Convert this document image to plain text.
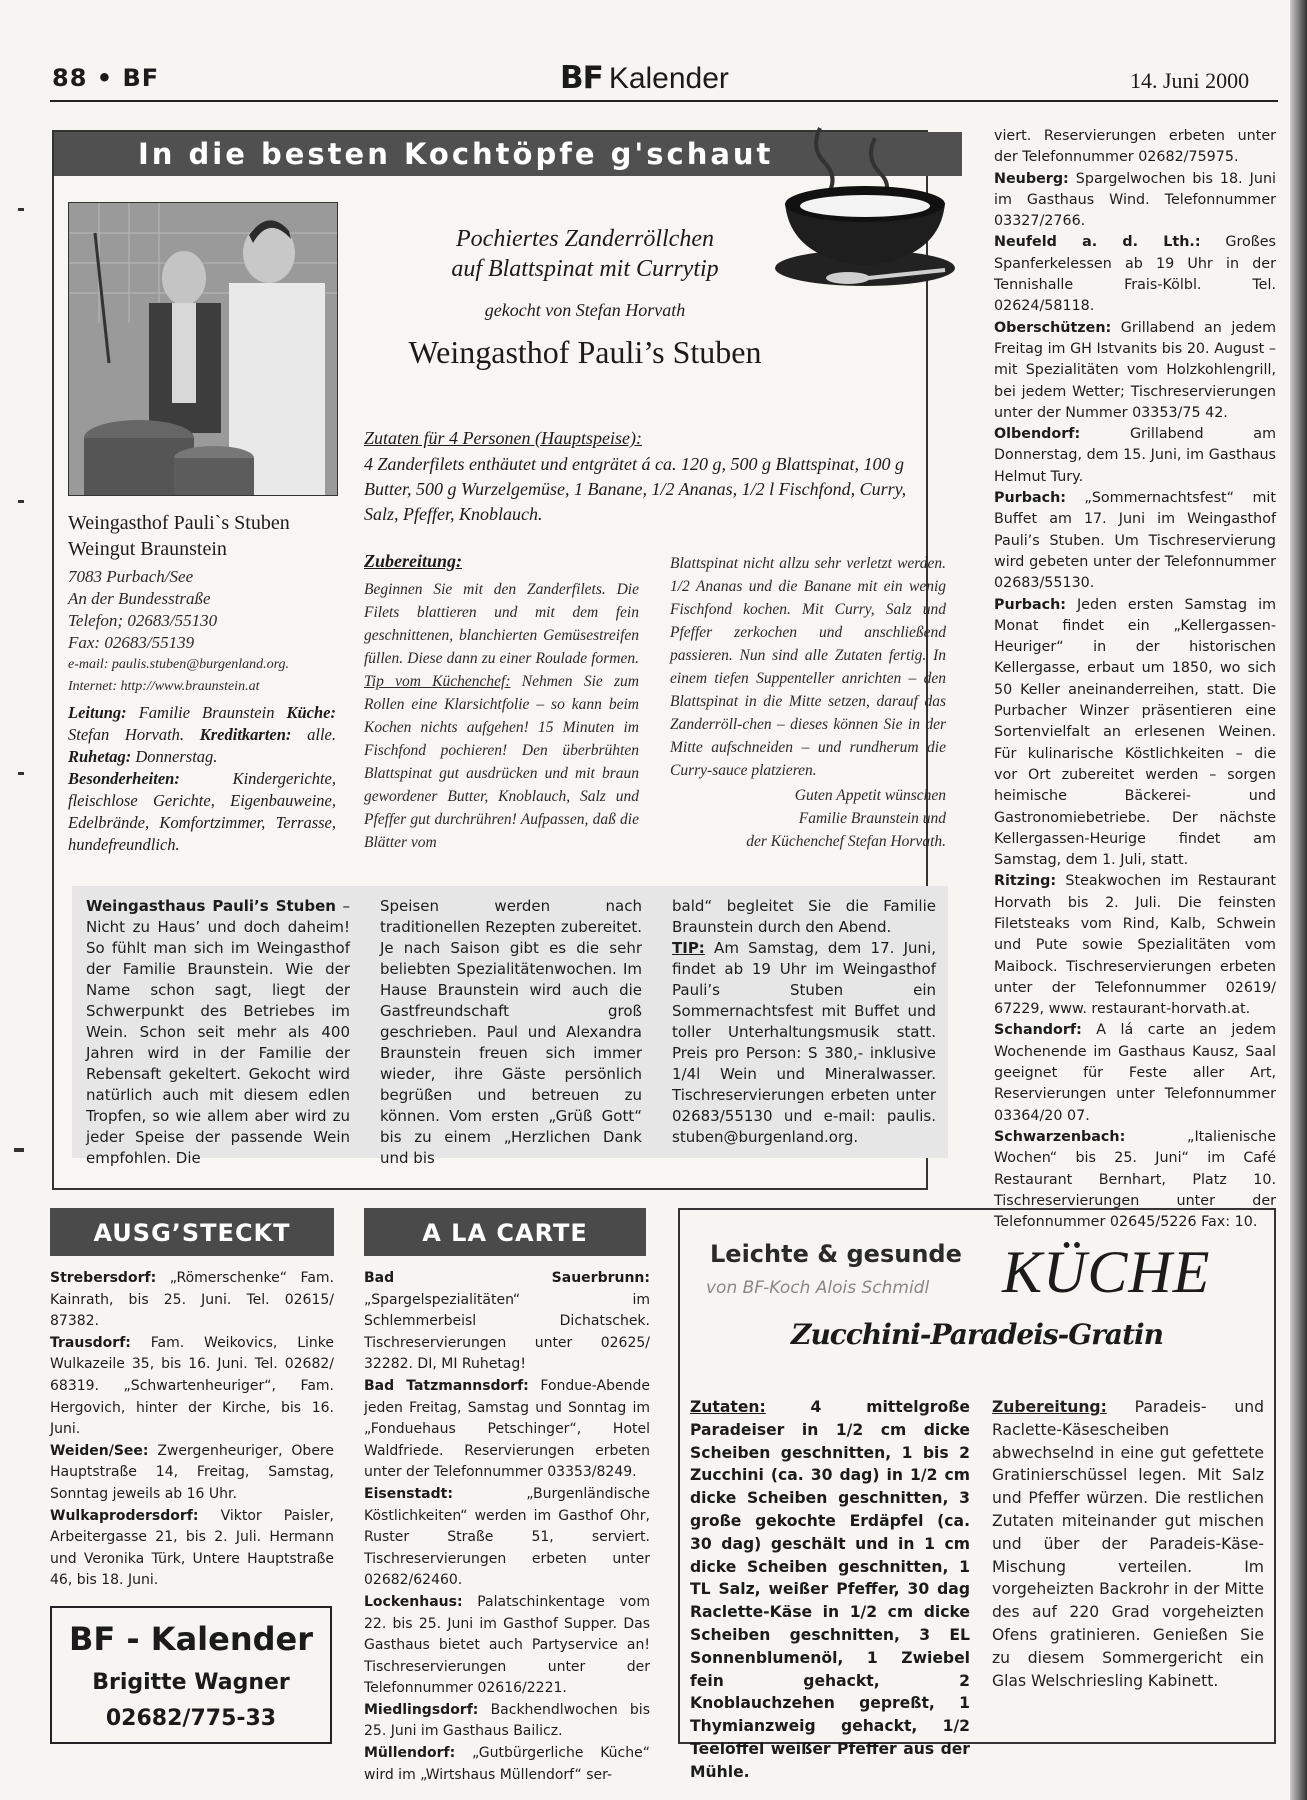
88 • BF	BF Kalender	14. Juni 2000
In die besten Kochtöpfe g'schaut
Pochiertes Zanderröllchen
auf Blattspinat mit Currytip
gekocht von Stefan Horvath
Weingasthof Pauli’s Stuben
Zutaten für 4 Personen (Hauptspeise):
4 Zanderfilets enthäutet und entgrätet á ca. 120 g, 500 g Blattspinat, 100 g Butter, 500 g Wurzelgemüse, 1 Banane, 1/2 Ananas, 1/2 l Fischfond, Curry, Salz, Pfeffer, Knoblauch.
Zubereitung:
Beginnen Sie mit den Zanderfilets. Die Filets blattieren und mit dem fein geschnittenen, blanchierten Gemüsestreifen füllen. Diese dann zu einer Roulade formen. Tip vom Küchenchef: Nehmen Sie zum Rollen eine Klarsichtfolie – so kann beim Kochen nichts aufgehen! 15 Minuten im Fischfond pochieren! Den überbrühten Blattspinat gut ausdrücken und mit braun gewordener Butter, Knoblauch, Salz und Pfeffer gut durchrühren! Aufpassen, daß die Blätter vom
Blattspinat nicht allzu sehr verletzt werden. 1/2 Ananas und die Banane mit ein wenig Fischfond kochen. Mit Curry, Salz und Pfeffer zerkochen und anschließend passieren. Nun sind alle Zutaten fertig. In einem tiefen Suppenteller anrichten – den Blattspinat in die Mitte setzen, darauf das Zanderröll-chen – dieses können Sie in der Mitte aufschneiden – und rundherum die Curry-sauce platzieren.
Guten Appetit wünschen
Familie Braunstein und
der Küchenchef Stefan Horvath.
Weingasthof Pauli`s Stuben
Weingut Braunstein
7083 Purbach/See
An der Bundesstraße
Telefon; 02683/55130
Fax: 02683/55139
e-mail: paulis.stuben@burgenland.org.
Internet: http://www.braunstein.at
Leitung: Familie Braunstein Küche: Stefan Horvath. Kreditkarten: alle. Ruhetag: Donnerstag.
Besonderheiten: Kindergerichte, fleischlose Gerichte, Eigenbauweine, Edelbrände, Komfortzimmer, Terrasse, hundefreundlich.
Weingasthaus Pauli’s Stuben – Nicht zu Haus’ und doch daheim! So fühlt man sich im Weingasthof der Familie Braunstein. Wie der Name schon sagt, liegt der Schwerpunkt des Betriebes im Wein. Schon seit mehr als 400 Jahren wird in der Familie der Rebensaft gekeltert. Gekocht wird natürlich auch mit diesem edlen Tropfen, so wie allem aber wird zu jeder Speise der passende Wein empfohlen. Die
Speisen werden nach traditionellen Rezepten zubereitet. Je nach Saison gibt es die sehr beliebten Spezialitätenwochen. Im Hause Braunstein wird auch die Gastfreundschaft groß geschrieben. Paul und Alexandra Braunstein freuen sich immer wieder, ihre Gäste persönlich begrüßen und betreuen zu können. Vom ersten „Grüß Gott“ bis zu einem „Herzlichen Dank und bis
bald“ begleitet Sie die Familie Braunstein durch den Abend.
TIP: Am Samstag, dem 17. Juni, findet ab 19 Uhr im Weingasthof Pauli’s Stuben ein Sommernachtsfest mit Buffet und toller Unterhaltungsmusik statt. Preis pro Person: S 380,- inklusive 1/4l Wein und Mineralwasser. Tischreservierungen erbeten unter 02683/55130 und e-mail: paulis. stuben@burgenland.org.

viert. Reservierungen erbeten unter der Telefonnummer 02682/75975.

Neuberg: Spargelwochen bis 18. Juni im Gasthaus Wind. Telefonnummer 03327/2766.

Neufeld a. d. Lth.: Großes Spanferkelessen ab 19 Uhr in der Tennishalle Frais-Kölbl. Tel. 02624/58118.

Oberschützen: Grillabend an jedem Freitag im GH Istvanits bis 20. August – mit Spezialitäten vom Holzkohlengrill, bei jedem Wetter; Tischreservierungen unter der Nummer 03353/75 42.

Olbendorf: Grillabend am Donnerstag, dem 15. Juni, im Gasthaus Helmut Tury.

Purbach: „Sommernachtsfest“ mit Buffet am 17. Juni im Weingasthof Pauli’s Stuben. Um Tischreservierung wird gebeten unter der Telefonnummer 02683/55130.

Purbach: Jeden ersten Samstag im Monat findet ein „Kellergassen-Heuriger“ in der historischen Kellergasse, erbaut um 1850, wo sich 50 Keller aneinanderreihen, statt. Die Purbacher Winzer präsentieren eine Sortenvielfalt an erlesenen Weinen. Für kulinarische Köstlichkeiten – die vor Ort zubereitet werden – sorgen heimische Bäckerei- und Gastronomiebetriebe. Der nächste Kellergassen-Heurige findet am Samstag, dem 1. Juli, statt.

Ritzing: Steakwochen im Restaurant Horvath bis 2. Juli. Die feinsten Filetsteaks vom Rind, Kalb, Schwein und Pute sowie Spezialitäten vom Maibock. Tischreservierungen erbeten unter der Telefonnummer 02619/ 67229, www. restaurant-horvath.at.

Schandorf: A lá carte an jedem Wochenende im Gasthaus Kausz, Saal geeignet für Feste aller Art, Reservierungen unter Telefonnummer 03364/20 07.

Schwarzenbach: „Italienische Wochen“ bis 25. Juni“ im Café Restaurant Bernhart, Platz 10. Tischreservierungen unter der Telefonnummer 02645/5226 Fax: 10.

AUSG’STECKT

Strebersdorf: „Römerschenke“ Fam. Kainrath, bis 25. Juni. Tel. 02615/ 87382.

Trausdorf: Fam. Weikovics, Linke Wulkazeile 35, bis 16. Juni. Tel. 02682/ 68319. „Schwartenheuriger“, Fam. Hergovich, hinter der Kirche, bis 16. Juni.

Weiden/See: Zwergenheuriger, Obere Hauptstraße 14, Freitag, Samstag, Sonntag jeweils ab 16 Uhr.

Wulkaprodersdorf: Viktor Paisler, Arbeitergasse 21, bis 2. Juli. Hermann und Veronika Türk, Untere Hauptstraße 46, bis 18. Juni.

BF - Kalender
Brigitte Wagner
02682/775-33
A LA CARTE

Bad Sauerbrunn: „Spargelspezialitäten“ im Schlemmerbeisl Dichatschek. Tischreservierungen unter 02625/ 32282. DI, MI Ruhetag!

Bad Tatzmannsdorf: Fondue-Abende jeden Freitag, Samstag und Sonntag im „Fonduehaus Petschinger“, Hotel Waldfriede. Reservierungen erbeten unter der Telefonnummer 03353/8249.

Eisenstadt: „Burgenländische Köstlichkeiten“ werden im Gasthof Ohr, Ruster Straße 51, serviert. Tischreservierungen erbeten unter 02682/62460.

Lockenhaus: Palatschinkentage vom 22. bis 25. Juni im Gasthof Supper. Das Gasthaus bietet auch Partyservice an! Tischreservierungen unter der Telefonnummer 02616/2221.

Miedlingsdorf: Backhendlwochen bis 25. Juni im Gasthaus Bailicz.

Müllendorf: „Gutbürgerliche Küche“ wird im „Wirtshaus Müllendorf“ ser-

Leichte & gesunde
von BF-Koch Alois Schmidl KÜCHE
Zucchini-Paradeis-Gratin
Zutaten: 4 mittelgroße Paradeiser in 1/2 cm dicke Scheiben geschnitten, 1 bis 2 Zucchini (ca. 30 dag) in 1/2 cm dicke Scheiben geschnitten, 3 große gekochte Erdäpfel (ca. 30 dag) geschält und in 1 cm dicke Scheiben geschnitten, 1 TL Salz, weißer Pfeffer, 30 dag Raclette-Käse in 1/2 cm dicke Scheiben geschnitten, 3 EL Sonnenblumenöl, 1 Zwiebel fein gehackt, 2 Knoblauchzehen gepreßt, 1 Thymianzweig gehackt, 1/2 Teelöffel weißer Pfeffer aus der Mühle.
Zubereitung: Paradeis- und Raclette-Käsescheiben abwechselnd in eine gut gefettete Gratinierschüssel legen. Mit Salz und Pfeffer würzen. Die restlichen Zutaten miteinander gut mischen und über der Paradeis-Käse-Mischung verteilen. Im vorgeheizten Backrohr in der Mitte des auf 220 Grad vorgeheizten Ofens gratinieren. Genießen Sie zu diesem Sommergericht ein Glas Welschriesling Kabinett.
